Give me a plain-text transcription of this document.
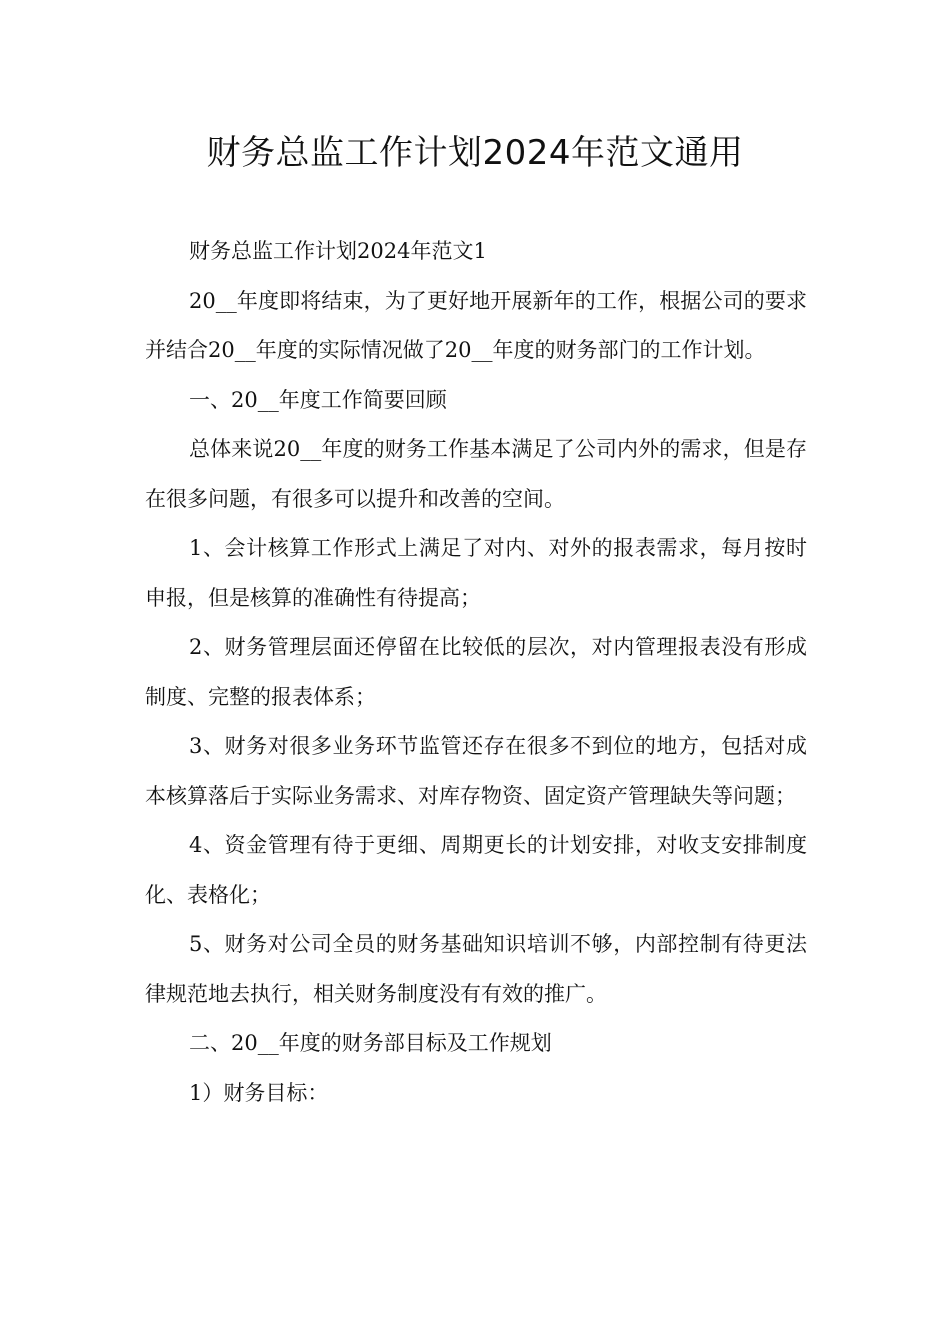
财务总监工作计划2024年范文通用

财务总监工作计划2024年范文1

20__年度即将结束，为了更好地开展新年的工作，根据公司的要求并结合20__年度的实际情况做了20__年度的财务部门的工作计划。

一、20__年度工作简要回顾

总体来说20__年度的财务工作基本满足了公司内外的需求，但是存在很多问题，有很多可以提升和改善的空间。

1、会计核算工作形式上满足了对内、对外的报表需求，每月按时申报，但是核算的准确性有待提高；

2、财务管理层面还停留在比较低的层次，对内管理报表没有形成制度、完整的报表体系；

3、财务对很多业务环节监管还存在很多不到位的地方，包括对成本核算落后于实际业务需求、对库存物资、固定资产管理缺失等问题；

4、资金管理有待于更细、周期更长的计划安排，对收支安排制度化、表格化；

5、财务对公司全员的财务基础知识培训不够，内部控制有待更法律规范地去执行，相关财务制度没有有效的推广。

二、20__年度的财务部目标及工作规划

1）财务目标：
